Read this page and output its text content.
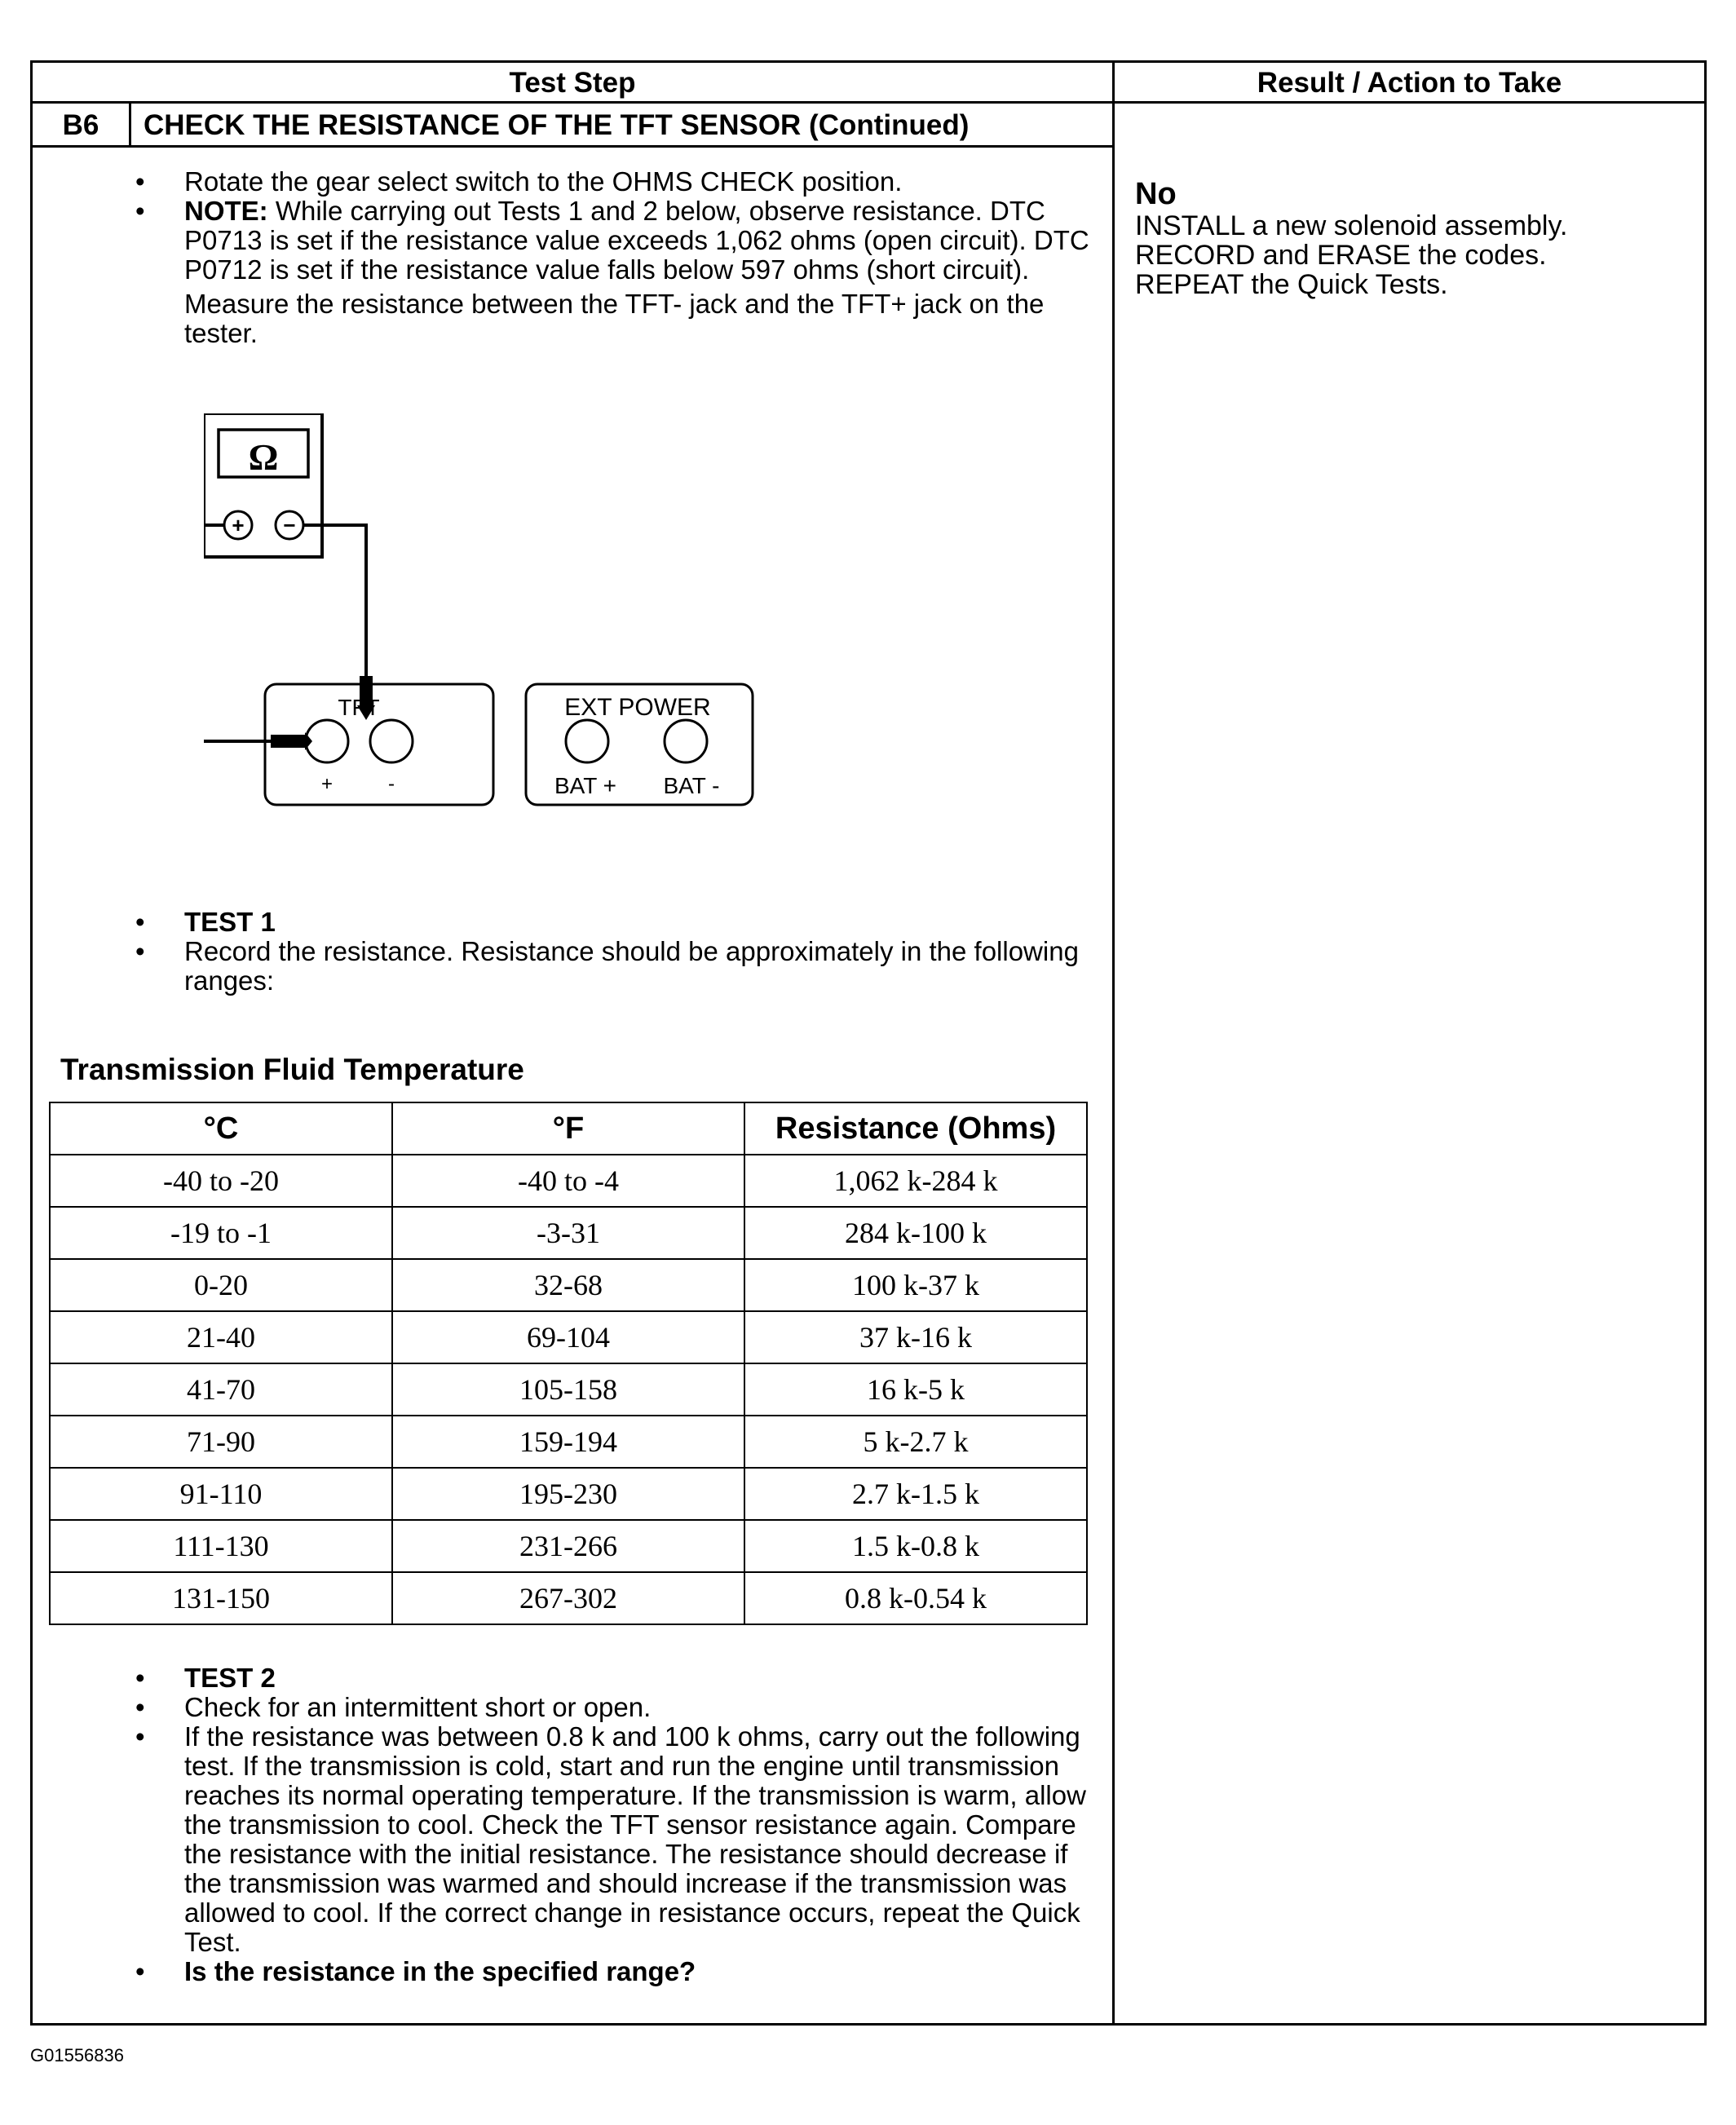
Test Step	Result / Action to Take
B6	CHECK THE RESISTANCE OF THE TFT SENSOR (Continued)
• Rotate the gear select switch to the OHMS CHECK position.
• NOTE: While carrying out Tests 1 and 2 below, observe resistance. DTC P0713 is set if the resistance value exceeds 1,062 ohms (open circuit). DTC P0712 is set if the resistance value falls below 597 ohms (short circuit).
Measure the resistance between the TFT- jack and the TFT+ jack on the tester.
Ω
+ −
TFT
+	-
EXT POWER
BAT + BAT -
• TEST 1
• Record the resistance. Resistance should be approximately in the following ranges:
Transmission Fluid Temperature
°C	°F	Resistance (Ohms)
-40 to -20	-40 to -4	1,062 k-284 k
-19 to -1	-3-31	284 k-100 k
0-20	32-68	100 k-37 k
21-40	69-104	37 k-16 k
41-70	105-158	16 k-5 k
71-90	159-194	5 k-2.7 k
91-110	195-230	2.7 k-1.5 k
111-130	231-266	1.5 k-0.8 k
131-150	267-302	0.8 k-0.54 k
• TEST 2
• Check for an intermittent short or open.
• If the resistance was between 0.8 k and 100 k ohms, carry out the following test. If the transmission is cold, start and run the engine until transmission reaches its normal operating temperature. If the transmission is warm, allow the transmission to cool. Check the TFT sensor resistance again. Compare the resistance with the initial resistance. The resistance should decrease if the transmission was warmed and should increase if the transmission was allowed to cool. If the correct change in resistance occurs, repeat the Quick Test.
• Is the resistance in the specified range?
No
INSTALL a new solenoid assembly.
RECORD and ERASE the codes.
REPEAT the Quick Tests.
G01556836
